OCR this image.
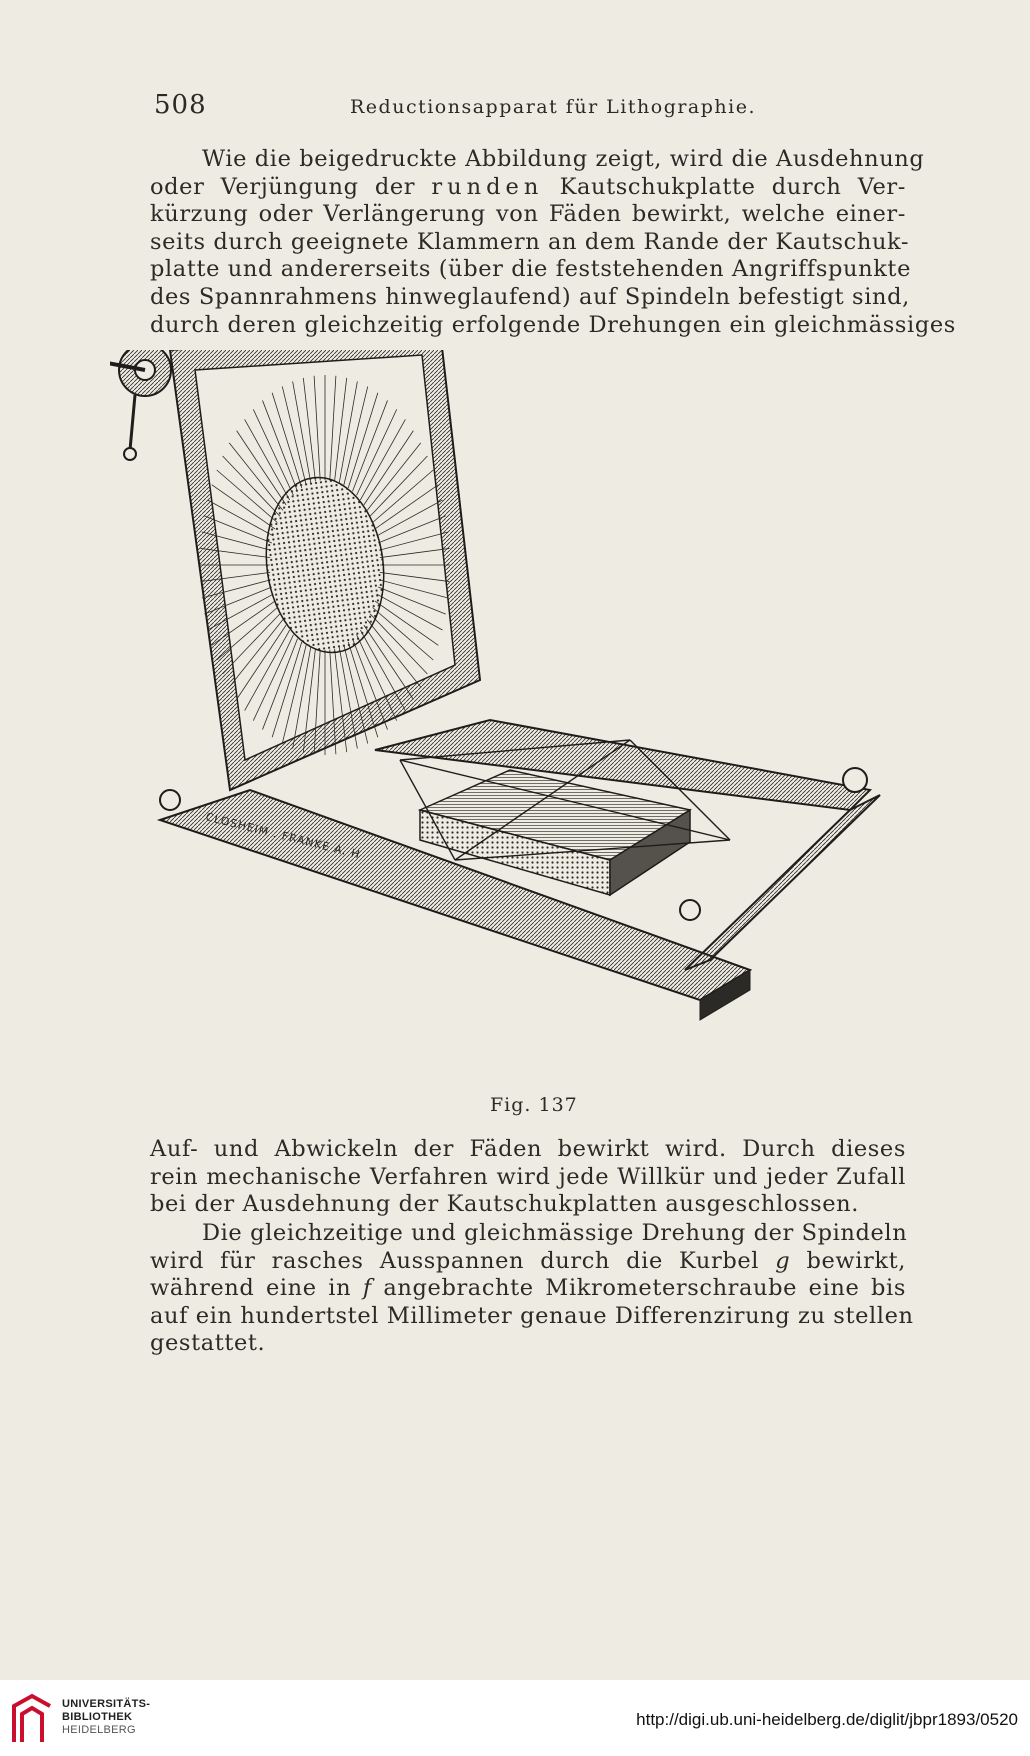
508	Reductionsapparat für Lithographie.
Wie die beigedruckte Abbildung zeigt, wird die Ausdehnung
oder Verjüngung der runden Kautschukplatte durch Ver-
kürzung oder Verlängerung von Fäden bewirkt, welche einer-
seits durch geeignete Klammern an dem Rande der Kautschuk-
platte und andererseits (über die feststehenden Angriffspunkte
des Spannrahmens hinweglaufend) auf Spindeln befestigt sind,
durch deren gleichzeitig erfolgende Drehungen ein gleichmässiges
CLOSHEIM . FRANKE A. H
Fig. 137
Auf- und Abwickeln der Fäden bewirkt wird. Durch dieses
rein mechanische Verfahren wird jede Willkür und jeder Zufall
bei der Ausdehnung der Kautschukplatten ausgeschlossen.
Die gleichzeitige und gleichmässige Drehung der Spindeln
wird für rasches Ausspannen durch die Kurbel g bewirkt,
während eine in f angebrachte Mikrometerschraube eine bis
auf ein hundertstel Millimeter genaue Differenzirung zu stellen
gestattet.
UNIVERSITÄTS-
BIBLIOTHEK
HEIDELBERG
http://digi.ub.uni-heidelberg.de/diglit/jbpr1893/0520
